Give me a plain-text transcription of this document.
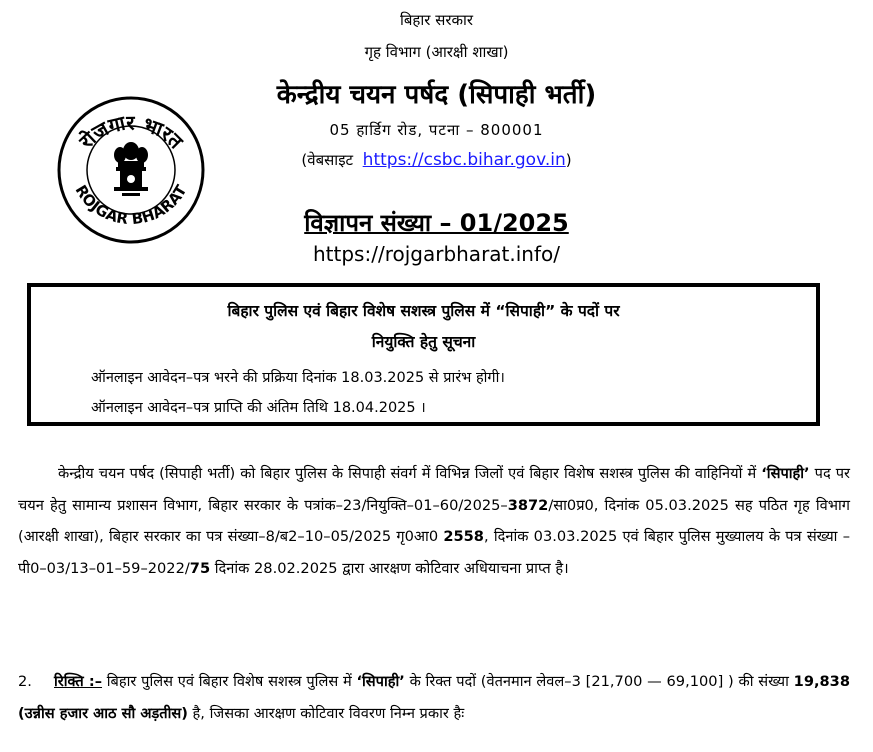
बिहार सरकार
गृह विभाग (आरक्षी शाखा)
केन्द्रीय चयन पर्षद (सिपाही भर्ती)
05 हार्डिग रोड, पटना – 800001
(वेबसाइट https://csbc.bihar.gov.in)
विज्ञापन संख्या – 01/2025
https://rojgarbharat.info/
रोजगार भारत
ROJGAR BHARAT
बिहार पुलिस एवं बिहार विशेष सशस्त्र पुलिस में “सिपाही” के पदों पर
नियुक्ति हेतु सूचना
ऑनलाइन आवेदन–पत्र भरने की प्रक्रिया दिनांक 18.03.2025 से प्रारंभ होगी।
ऑनलाइन आवेदन–पत्र प्राप्ति की अंतिम तिथि 18.04.2025 ।
केन्द्रीय चयन पर्षद (सिपाही भर्ती) को बिहार पुलिस के सिपाही संवर्ग में विभिन्न जिलों एवं बिहार विशेष सशस्त्र पुलिस की वाहिनियों में ‘सिपाही’ पद पर चयन हेतु सामान्य प्रशासन विभाग, बिहार सरकार के पत्रांक–23/नियुक्ति–01–60/2025–3872/सा0प्र0, दिनांक 05.03.2025 सह पठित गृह विभाग (आरक्षी शाखा), बिहार सरकार का पत्र संख्या–8/ब2–10–05/2025 गृ0आ0 2558, दिनांक 03.03.2025 एवं बिहार पुलिस मुख्यालय के पत्र संख्या – पी0–03/13–01–59–2022/75 दिनांक 28.02.2025 द्वारा आरक्षण कोटिवार अधियाचना प्राप्त है।
2. रिक्ति :– बिहार पुलिस एवं बिहार विशेष सशस्त्र पुलिस में ‘सिपाही’ के रिक्त पदों (वेतनमान लेवल–3 [21,700 — 69,100] ) की संख्या 19,838 (उन्नीस हजार आठ सौ अड़तीस) है, जिसका आरक्षण कोटिवार विवरण निम्न प्रकार हैः
